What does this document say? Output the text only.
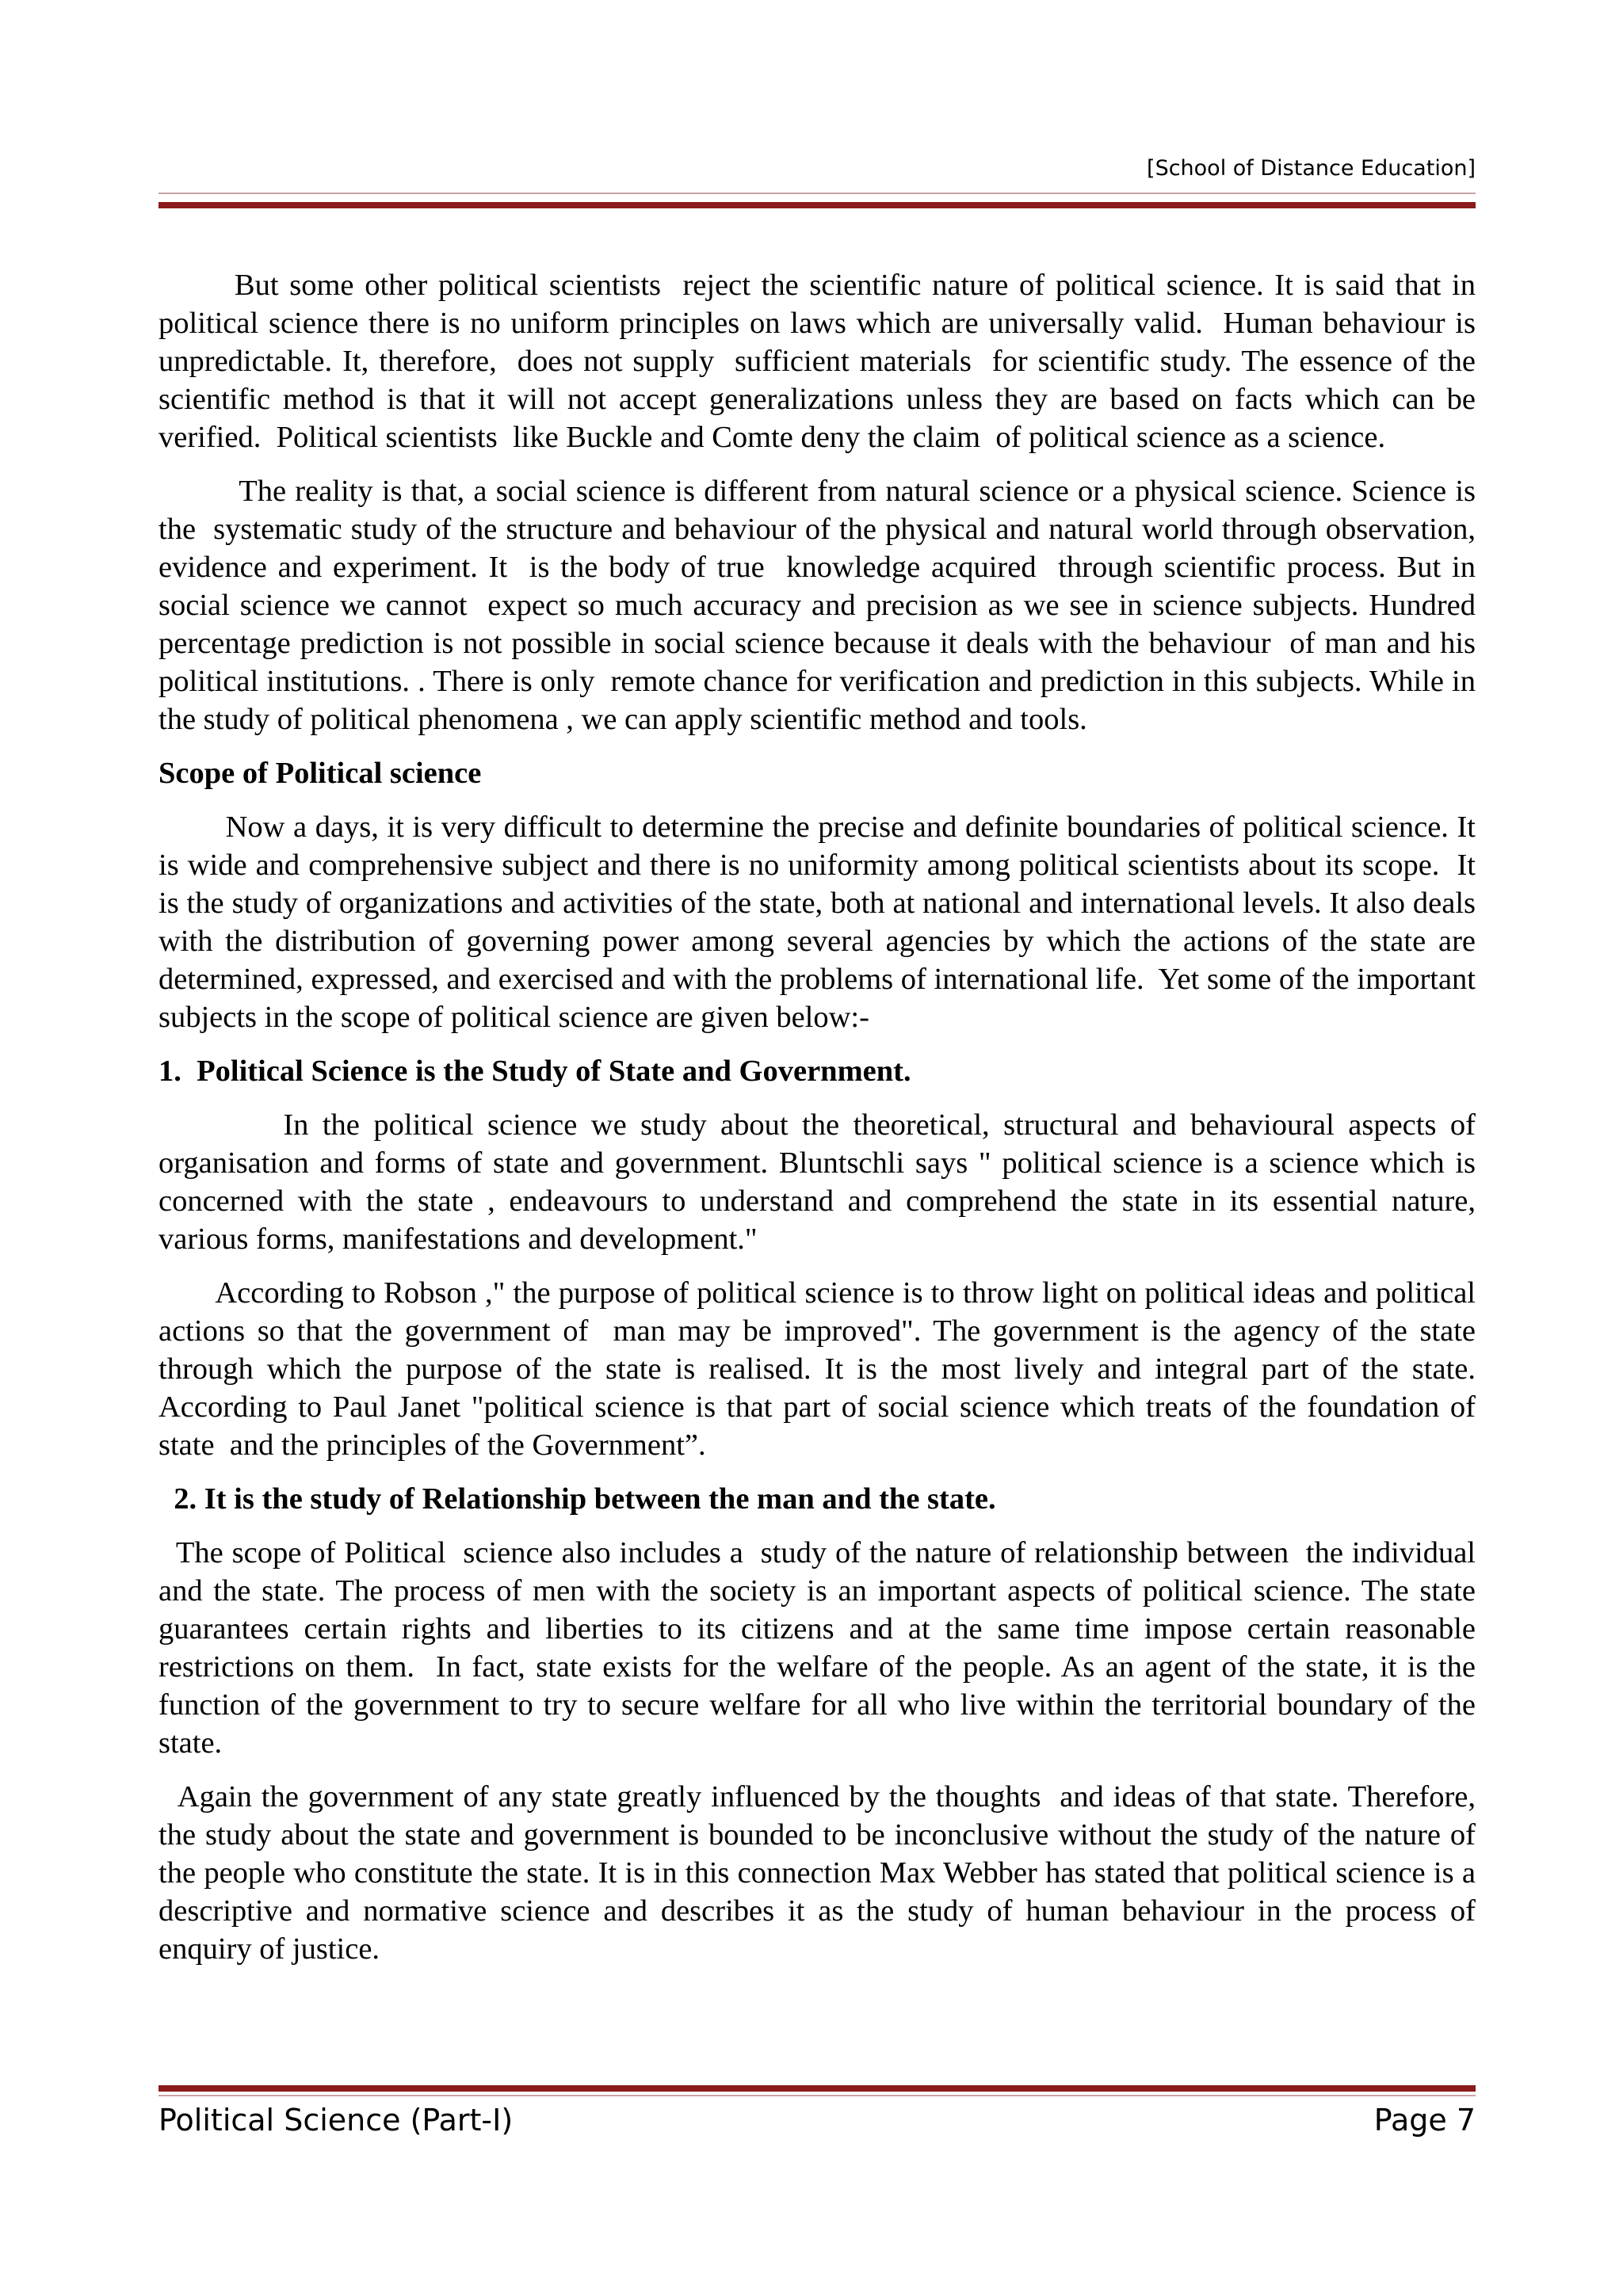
[School of Distance Education]

But some other political scientists  reject the scientific nature of political science. It is said that in political science there is no uniform principles on laws which are universally valid.  Human behaviour is unpredictable. It, therefore,  does not supply  sufficient materials  for scientific study. The essence of the scientific method is that it will not accept generalizations unless they are based on facts which can be verified.  Political scientists  like Buckle and Comte deny the claim  of political science as a science.

The reality is that, a social science is different from natural science or a physical science. Science is the  systematic study of the structure and behaviour of the physical and natural world through observation, evidence and experiment. It  is the body of true  knowledge acquired  through scientific process. But in social science we cannot  expect so much accuracy and precision as we see in science subjects. Hundred percentage prediction is not possible in social science because it deals with the behaviour  of man and his political institutions. . There is only  remote chance for verification and prediction in this subjects. While in the study of political phenomena , we can apply scientific method and tools.

Scope of Political science

Now a days, it is very difficult to determine the precise and definite boundaries of political science. It is wide and comprehensive subject and there is no uniformity among political scientists about its scope.  It is the study of organizations and activities of the state, both at national and international levels. It also deals with the distribution of governing power among several agencies by which the actions of the state are determined, expressed, and exercised and with the problems of international life.  Yet some of the important subjects in the scope of political science are given below:-

1.  Political Science is the Study of State and Government.

In the political science we study about the theoretical, structural and behavioural aspects of organisation and forms of state and government. Bluntschli says " political science is a science which is concerned with the state , endeavours to understand and comprehend the state in its essential nature, various forms, manifestations and development."

According to Robson ," the purpose of political science is to throw light on political ideas and political actions so that the government of  man may be improved". The government is the agency of the state through which the purpose of the state is realised. It is the most lively and integral part of the state. According to Paul Janet "political science is that part of social science which treats of the foundation of state  and the principles of the Government”.

2. It is the study of Relationship between the man and the state.

The scope of Political  science also includes a  study of the nature of relationship between  the individual and the state. The process of men with the society is an important aspects of political science. The state guarantees certain rights and liberties to its citizens and at the same time impose certain reasonable restrictions on them.  In fact, state exists for the welfare of the people. As an agent of the state, it is the function of the government to try to secure welfare for all who live within the territorial boundary of the state.

Again the government of any state greatly influenced by the thoughts  and ideas of that state. Therefore, the study about the state and government is bounded to be inconclusive without the study of the nature of the people who constitute the state. It is in this connection Max Webber has stated that political science is a descriptive and normative science and describes it as the study of human behaviour in the process of enquiry of justice.

Political Science (Part-I)	Page 7
